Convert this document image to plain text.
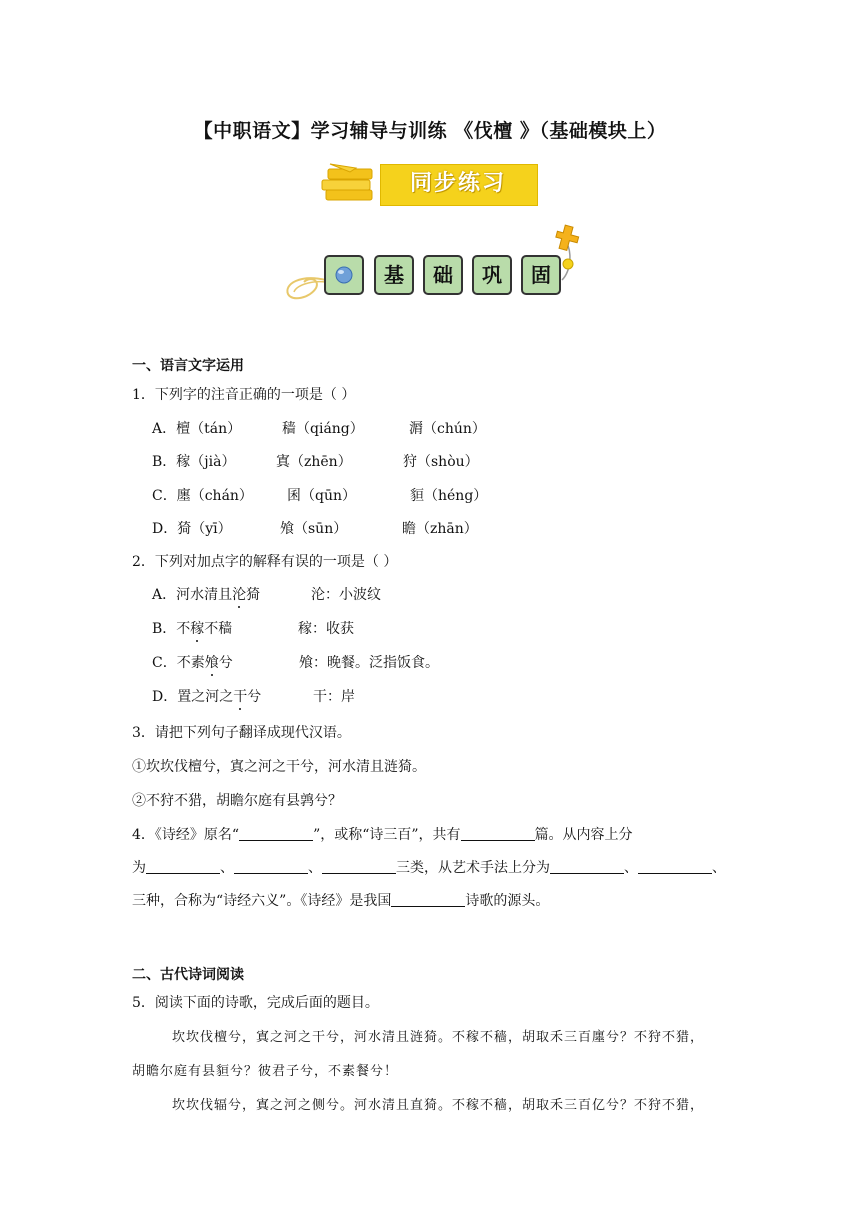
【中职语文】学习辅导与训练 《伐檀 》（基础模块上）
同步练习
基	础	巩	固
一、语言文字运用
1．下列字的注音正确的一项是（ ）
A．檀（tán）	穑（qiáng）	漘（chún）
B．稼（jià）	寘（zhēn）	狩（shòu）
C．廛（chán） 囷（qūn）	貆（héng）
D．猗（yī）	飧（sūn）	瞻（zhān）
2．下列对加点字的解释有误的一项是（ ）
A．河水清且沦猗	沦：小波纹
B．不稼不穑	稼：收获
C．不素飧兮	飧：晚餐。泛指饭食。
D．置之河之干兮	干：岸
3．请把下列句子翻译成现代汉语。
①坎坎伐檀兮，寘之河之干兮，河水清且涟猗。
②不狩不猎，胡瞻尔庭有县鹑兮？
4．《诗经》原名“	”，或称“诗三百”，共有	篇。从内容上分
为	、	、	三类，从艺术手法上分为	、	、
三种，合称为“诗经六义”。《诗经》是我国	诗歌的源头。
二、古代诗词阅读
5．阅读下面的诗歌，完成后面的题目。
坎坎伐檀兮，寘之河之干兮，河水清且涟猗。不稼不穑，胡取禾三百廛兮？不狩不猎，
胡瞻尔庭有县貆兮？彼君子兮，不素餐兮！
坎坎伐辐兮，寘之河之侧兮。河水清且直猗。不稼不穑，胡取禾三百亿兮？不狩不猎，
